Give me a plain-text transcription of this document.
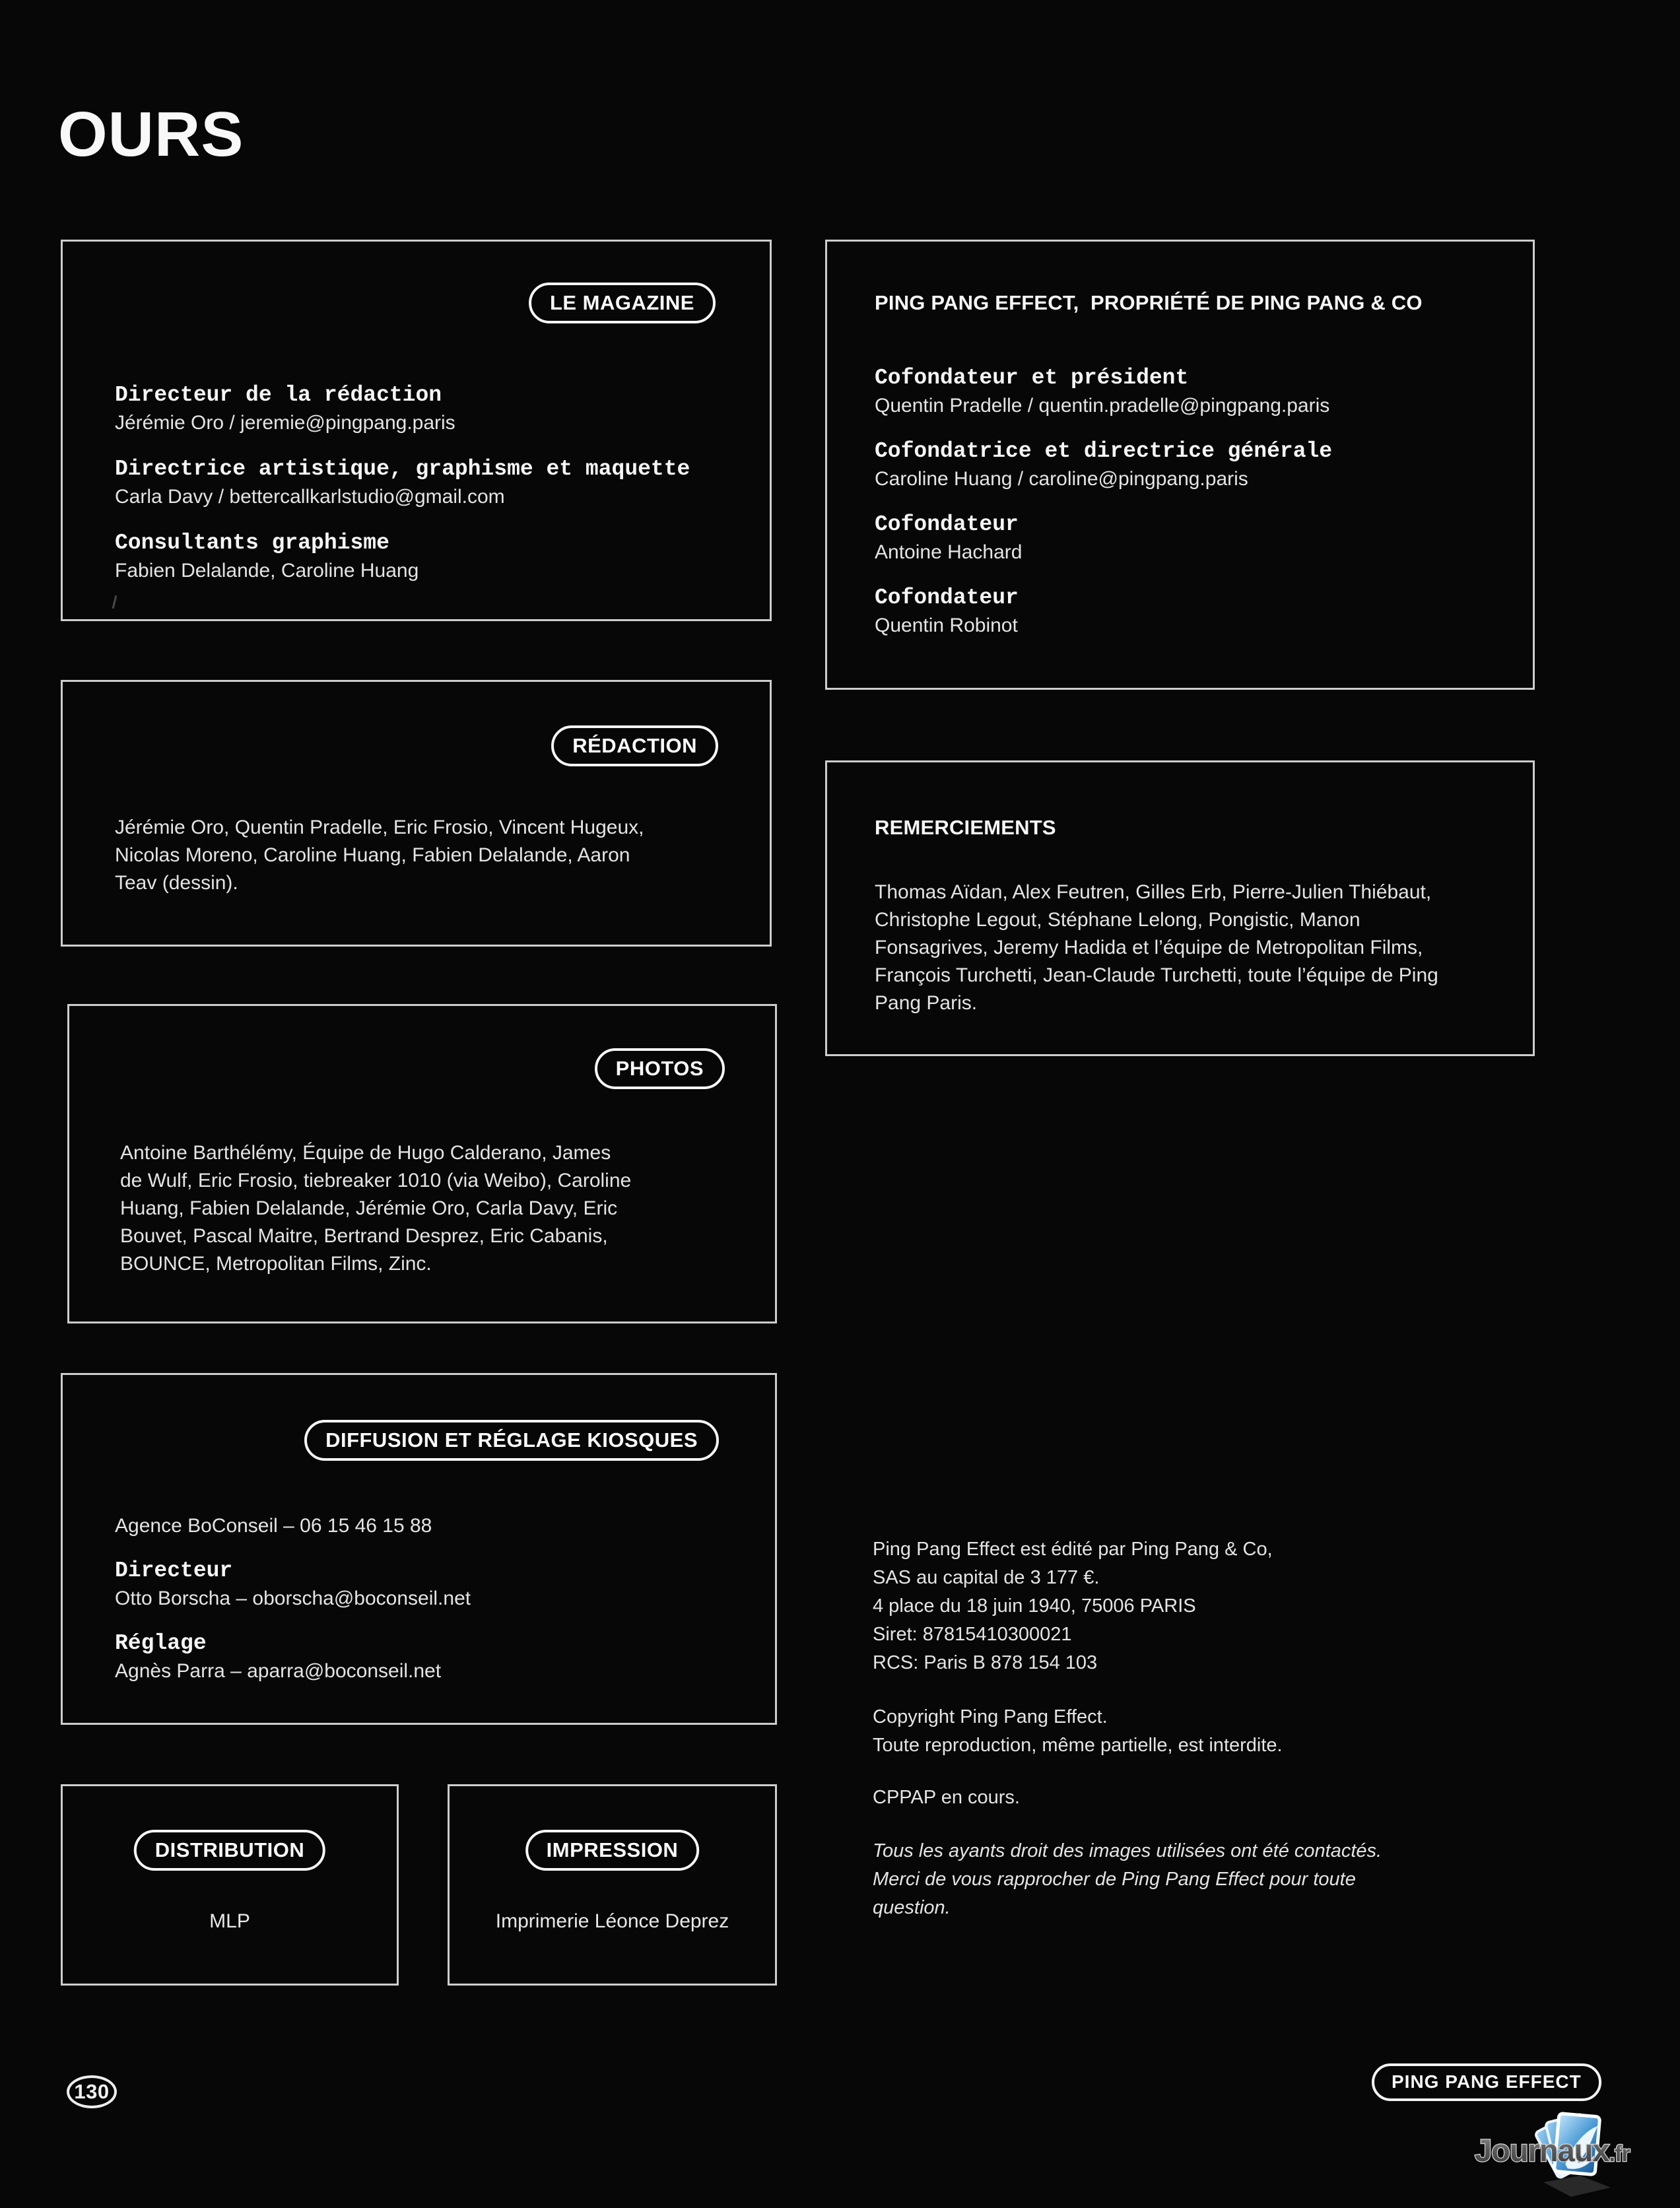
OURS
LE MAGAZINE
Directeur de la rédaction
Jérémie Oro / jeremie@pingpang.paris
Directrice artistique, graphisme et maquette
Carla Davy / bettercallkarlstudio@gmail.com
Consultants graphisme
Fabien Delalande, Caroline Huang
PING PANG EFFECT,  PROPRIÉTÉ DE PING PANG & CO
Cofondateur et président
Quentin Pradelle / quentin.pradelle@pingpang.paris
Cofondatrice et directrice générale
Caroline Huang / caroline@pingpang.paris
Cofondateur
Antoine Hachard
Cofondateur
Quentin Robinot
RÉDACTION
Jérémie Oro, Quentin Pradelle, Eric Frosio, Vincent Hugeux,
Nicolas Moreno, Caroline Huang, Fabien Delalande, Aaron
Teav (dessin).
REMERCIEMENTS
Thomas Aïdan, Alex Feutren, Gilles Erb, Pierre-Julien Thiébaut,
Christophe Legout, Stéphane Lelong, Pongistic, Manon
Fonsagrives, Jeremy Hadida et l’équipe de Metropolitan Films,
François Turchetti, Jean-Claude Turchetti, toute l’équipe de Ping
Pang Paris.
PHOTOS
Antoine Barthélémy, Équipe de Hugo Calderano, James
de Wulf, Eric Frosio, tiebreaker 1010 (via Weibo), Caroline
Huang, Fabien Delalande, Jérémie Oro, Carla Davy, Eric
Bouvet, Pascal Maitre, Bertrand Desprez, Eric Cabanis,
BOUNCE, Metropolitan Films, Zinc.
DIFFUSION ET RÉGLAGE KIOSQUES
Agence BoConseil – 06 15 46 15 88
Directeur
Otto Borscha – oborscha@boconseil.net
Réglage
Agnès Parra – aparra@boconseil.net
DISTRIBUTION
MLP
IMPRESSION
Imprimerie Léonce Deprez
Ping Pang Effect est édité par Ping Pang & Co,
SAS au capital de 3 177 €.
4 place du 18 juin 1940, 75006 PARIS
Siret: 87815410300021
RCS: Paris B 878 154 103
Copyright Ping Pang Effect.
Toute reproduction, même partielle, est interdite.
CPPAP en cours.
Tous les ayants droit des images utilisées ont été contactés.
Merci de vous rapprocher de Ping Pang Effect pour toute
question.
130	PING PANG EFFECT
Journaux.fr
